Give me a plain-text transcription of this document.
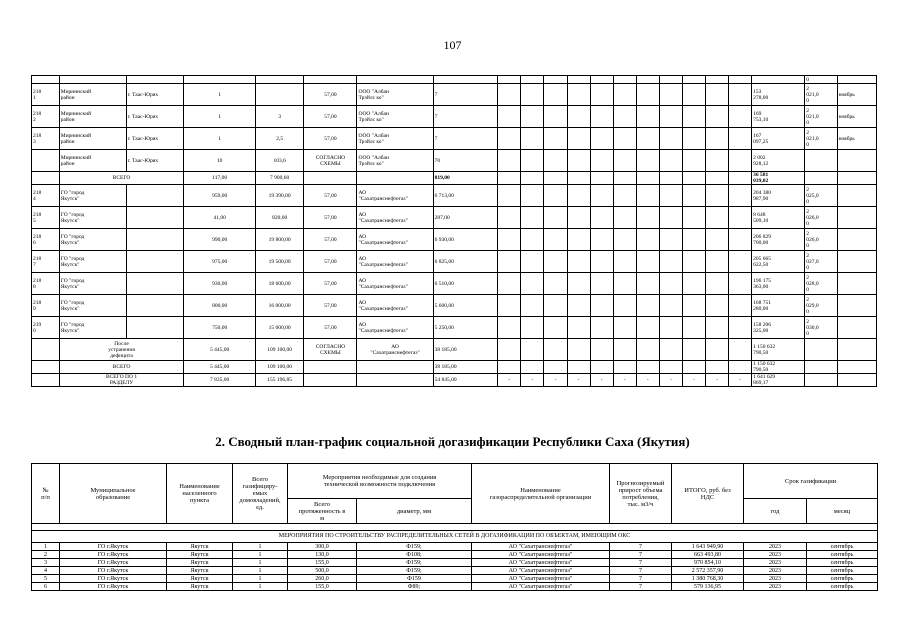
107
																				0	
218
1	Мирнинский
район	г. Таас-Юрях	1		57,00	ООО "Албан
Трэйлс ко"	7												153
278,00	2
021,0
0	ноябрь
218
2	Мирнинский
район	г. Таас-Юрях	1	3	57,00	ООО "Албан
Трэйлс ко"	7												169
753,10	2
021,0
0	ноябрь
218
3	Мирнинский
район	г. Таас-Юрях	1	2,5	57,00	ООО "Албан
Трэйлс ко"	7												167
097,25	2
021,0
0	ноябрь
	Мирнинский
район	г. Таас-Юрях	10	103,6	СОГЛАСНО
СХЕМЫ	ООО "Албан
Трэйлс ко"	70												2 002
928,12		
	ВСЕГО		117,00	7 900,60			819,00												36 581
039,02		
218
4	ГО "город
Якутск"		959,00	19 390,00	57,00	АО
"Сахатранснефтегаз"	6 713,00												204 380
987,90	2
025,0
0	
218
5	ГО "город
Якутск"		41,00	820,00	57,00	АО
"Сахатранснефтегаз"	287,00												8 648
509,10	2
026,0
0	
218
6	ГО "город
Якутск"		990,00	19 800,00	57,00	АО
"Сахатранснефтегаз"	6 930,00												206 829
700,00	2
026,0
0	
218
7	ГО "город
Якутск"		975,00	19 500,00	57,00	АО
"Сахатранснефтегаз"	6 825,00												205 665
622,50	2
027,0
0	
218
8	ГО "город
Якутск"		930,00	18 600,00	57,00	АО
"Сахатранснефтегаз"	6 510,00												196 175
363,00	2
028,0
0	
218
9	ГО "город
Якутск"		800,00	16 000,00	57,00	АО
"Сахатранснефтегаз"	5 600,00												168 751
280,00	2
029,0
0	
219
0	ГО "город
Якутск"		750,00	15 000,00	57,00	АО
"Сахатранснефтегаз"	5 250,00												158 206
325,00	2
030,0
0	
	После
устранения
дефицита		5 445,00	109 100,00	СОГЛАСНО
СХЕМЫ	АО
"Сахатранснефтегаз"	38 185,00												1 150 632
790,50		
	ВСЕГО		5 445,00	109 100,00			38 185,00												1 150 632
790,50		
	ВСЕГО ПО 1
РАЗДЕЛУ		7 835,00	155 196,85			54 845,00	-	-	-	-	-	-	-	-	-	-	-	1 641 629
869,17		
2. Сводный план-график социальной догазификации Республики Саха (Якутия)
№
п/п	Муниципальное
образование	Наименование
населенного
пункта	Всего
газифициру-
емых
домовладений,
ед.	Мероприятия необходимые для создания
технической возможности подключения		Наименование
газораспределительной организации	Прогнозируемый
прирост объема
потребления,
тыс. м3/ч	ИТОГО, руб. без
НДС	Срок газификации	
				Всего
протяженность в
м	диаметр, мм				год	месяц

МЕРОПРИЯТИЯ ПО СТРОИТЕЛЬСТВУ РАСПРЕДЕЛИТЕЛЬНЫХ СЕТЕЙ В ДОГАЗИФИКАЦИИ ПО ОБЪЕКТАМ, ИМЕЮЩИМ ОКС										
1	ГО г.Якутск	Якутск	1	300,0	Ф159;	АО "Сахатранснефтегаз"	7	1 643 949,90	2023	сентябрь
2	ГО г.Якутск	Якутск	1	130,0	Ф108;	АО "Сахатранснефтегаз"	7	663 493,80	2023	сентябрь
3	ГО г.Якутск	Якутск	1	155,0	Ф159;	АО "Сахатранснефтегаз"	7	970 854,10	2023	сентябрь
4	ГО г.Якутск	Якутск	1	500,0	Ф159;	АО "Сахатранснефтегаз"	7	2 572 357,90	2023	сентябрь
5	ГО г.Якутск	Якутск	1	260,0	Ф159	АО "Сахатранснефтегаз"	7	1 380 768,30	2023	сентябрь
6	ГО г.Якутск	Якутск	1	155,0	Ф89;	АО "Сахатранснефтегаз"	7	579 136,95	2023	сентябрь
